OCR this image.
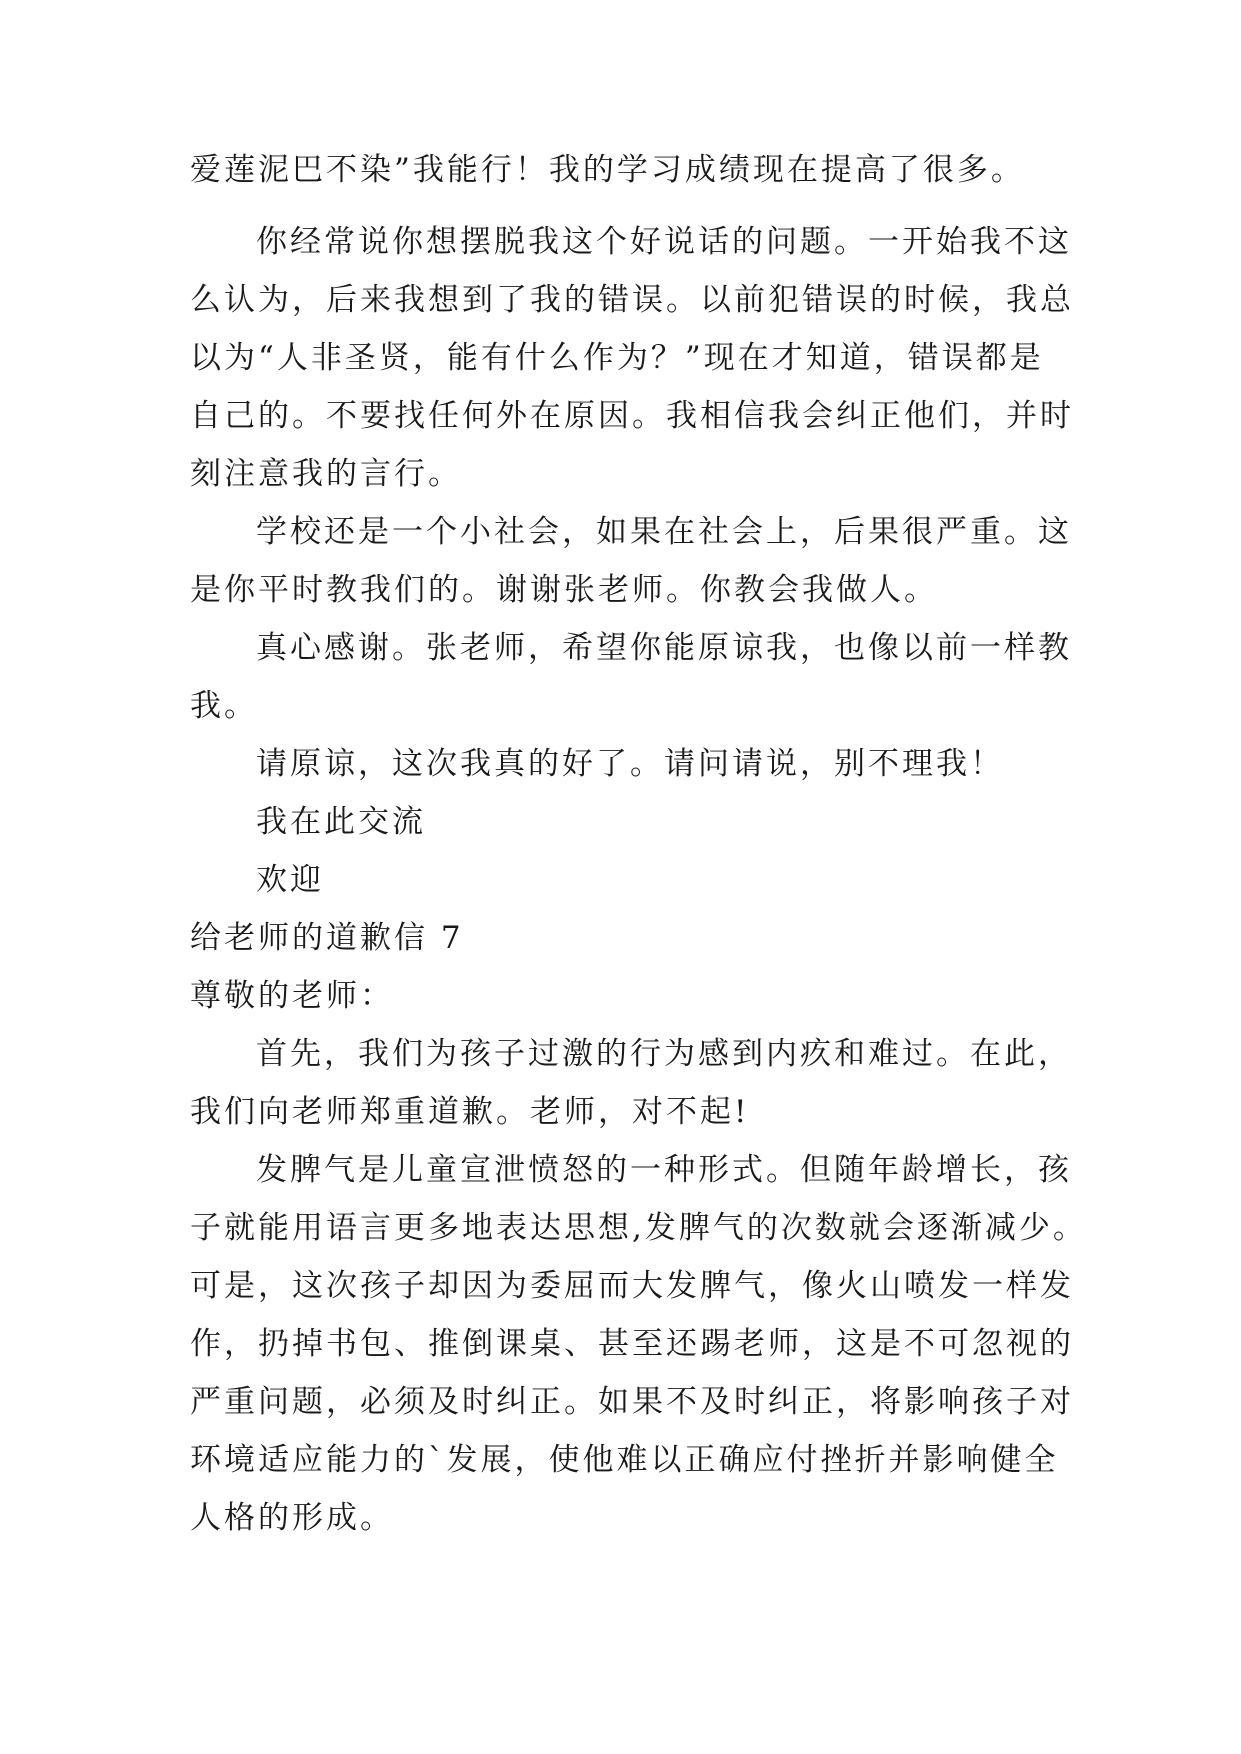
爱莲泥巴不染”我能行！我的学习成绩现在提高了很多。
你经常说你想摆脱我这个好说话的问题。一开始我不这
么认为，后来我想到了我的错误。以前犯错误的时候，我总
以为“人非圣贤，能有什么作为？”现在才知道，错误都是
自己的。不要找任何外在原因。我相信我会纠正他们，并时
刻注意我的言行。
学校还是一个小社会，如果在社会上，后果很严重。这
是你平时教我们的。谢谢张老师。你教会我做人。
真心感谢。张老师，希望你能原谅我，也像以前一样教
我。
请原谅，这次我真的好了。请问请说，别不理我！
我在此交流
欢迎
给老师的道歉信 7
尊敬的老师：
首先，我们为孩子过激的行为感到内疚和难过。在此，
我们向老师郑重道歉。老师，对不起!
发脾气是儿童宣泄愤怒的一种形式。但随年龄增长，孩
子就能用语言更多地表达思想,发脾气的次数就会逐渐减少。
可是，这次孩子却因为委屈而大发脾气，像火山喷发一样发
作，扔掉书包、推倒课桌、甚至还踢老师，这是不可忽视的
严重问题，必须及时纠正。如果不及时纠正，将影响孩子对
环境适应能力的`发展，使他难以正确应付挫折并影响健全
人格的形成。
